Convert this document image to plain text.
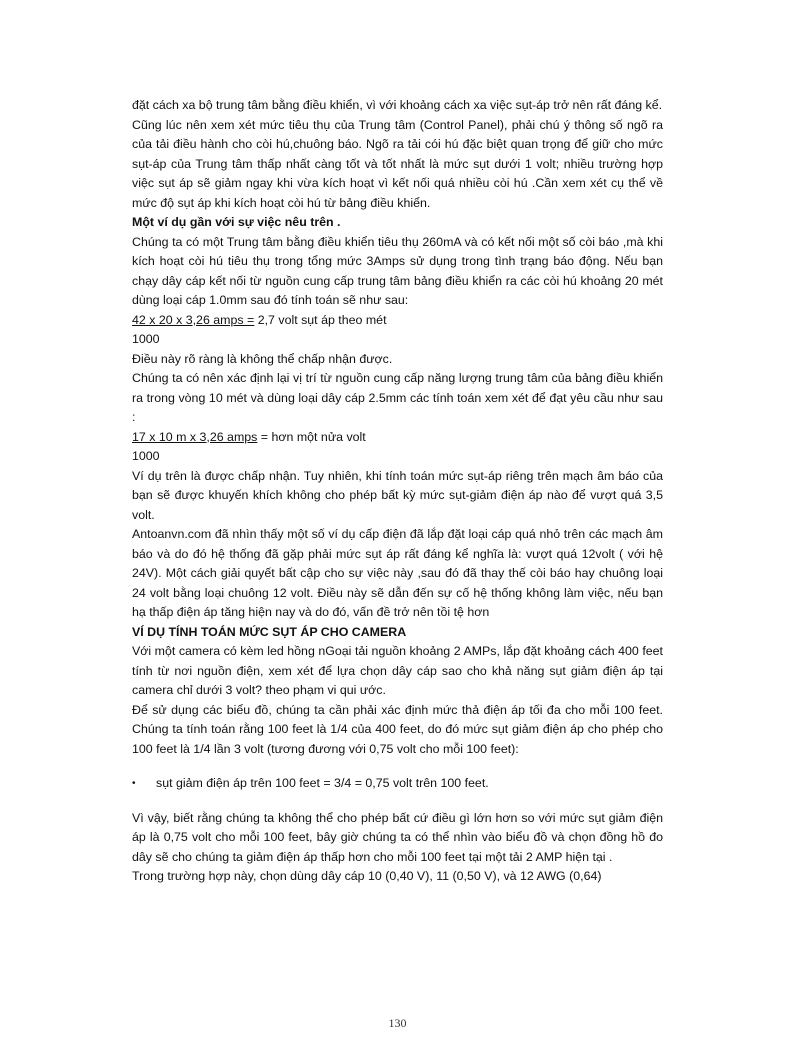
đặt cách xa bộ trung tâm bằng điều khiển, vì với khoảng cách xa việc sụt-áp trở nên rất đáng kể.

Cũng lúc nên xem xét mức tiêu thụ của Trung tâm (Control Panel), phải chú ý thông số ngõ ra của tải điều hành cho còi hú,chuông báo. Ngõ ra tải cói hú đặc biệt quan trọng để giữ cho mức sụt-áp của Trung tâm thấp nhất càng tốt và tốt nhất là mức sụt dưới 1 volt; nhiều trường hợp việc sụt áp sẽ giảm ngay khi vừa kích hoạt vì kết nối quá nhiều còi hú .Cần xem xét cụ thể về mức độ sụt áp khi kích hoạt còi hú từ bảng điều khiển.

Một ví dụ gần với sự việc nêu trên .

Chúng ta có một Trung tâm bằng điều khiển tiêu thụ 260mA và có kết nối một số còi báo ,mà khi kích hoạt còi hú tiêu thụ trong tổng mức 3Amps sử dụng trong tình trạng báo động. Nếu bạn chạy dây cáp kết nối từ nguồn cung cấp trung tâm bảng điều khiển ra các còi hú khoảng 20 mét dùng loại cáp 1.0mm sau đó tính toán sẽ như sau:

42 x 20 x 3,26 amps = 2,7 volt sụt áp theo mét

1000

Điều này rõ ràng là không thể chấp nhận được.

Chúng ta có nên xác định lại vị trí từ nguồn cung cấp năng lượng trung tâm của bảng điều khiển ra trong vòng 10 mét và dùng loại dây cáp 2.5mm các tính toán xem xét để đạt yêu cầu như sau :

17 x 10 m x 3,26 amps = hơn một nửa volt

1000

Ví dụ trên là được chấp nhận. Tuy nhiên, khi tính toán mức sụt-áp riêng trên mạch âm báo của bạn sẽ được khuyến khích không cho phép bất kỳ mức sụt-giảm điện áp nào để vượt quá 3,5 volt.

Antoanvn.com đã nhìn thấy một số ví dụ cấp điện đã lắp đặt loại cáp quá nhỏ trên các mạch âm báo và do đó hệ thống đã gặp phải mức sụt áp rất đáng kể nghĩa là: vượt quá 12volt ( với hệ 24V). Một cách giải quyết bất cập cho sự việc này ,sau đó đã thay thế còi báo hay chuông loại 24 volt bằng loại chuông 12 volt. Điều này sẽ dẫn đến sự cố hệ thống không làm việc, nếu bạn hạ thấp điện áp tăng hiện nay và do đó, vấn đề trở nên tồi tệ hơn

VÍ DỤ TÍNH TOÁN MỨC SỤT ÁP CHO CAMERA

Với một camera có kèm led hồng nGoại tải nguồn khoảng 2 AMPs, lắp đặt khoảng cách 400 feet tính từ nơi nguồn điện, xem xét để lựa chọn dây cáp sao cho khả năng sụt giảm điện áp tại camera chỉ dưới 3 volt? theo phạm vi qui ước.

Để sử dụng các biểu đồ, chúng ta cần phải xác định mức thả điện áp tối đa cho mỗi 100 feet. Chúng ta tính toán rằng 100 feet là 1/4 của 400 feet, do đó mức sụt giảm điện áp cho phép cho 100 feet là 1/4 lần 3 volt (tương đương với 0,75 volt cho mỗi 100 feet):

•	sụt giảm điện áp trên 100 feet = 3/4 = 0,75 volt trên 100 feet.

Vì vậy, biết rằng chúng ta không thể cho phép bất cứ điều gì lớn hơn so với mức sụt giảm điện áp là 0,75 volt cho mỗi 100 feet, bây giờ chúng ta có thể nhìn vào biểu đồ và chọn đồng hồ đo dây sẽ cho chúng ta giảm điện áp thấp hơn cho mỗi 100 feet tại một tải 2 AMP hiện tại .

Trong trường hợp này, chọn dùng dây cáp 10 (0,40 V), 11 (0,50 V), và 12 AWG (0,64)

130
